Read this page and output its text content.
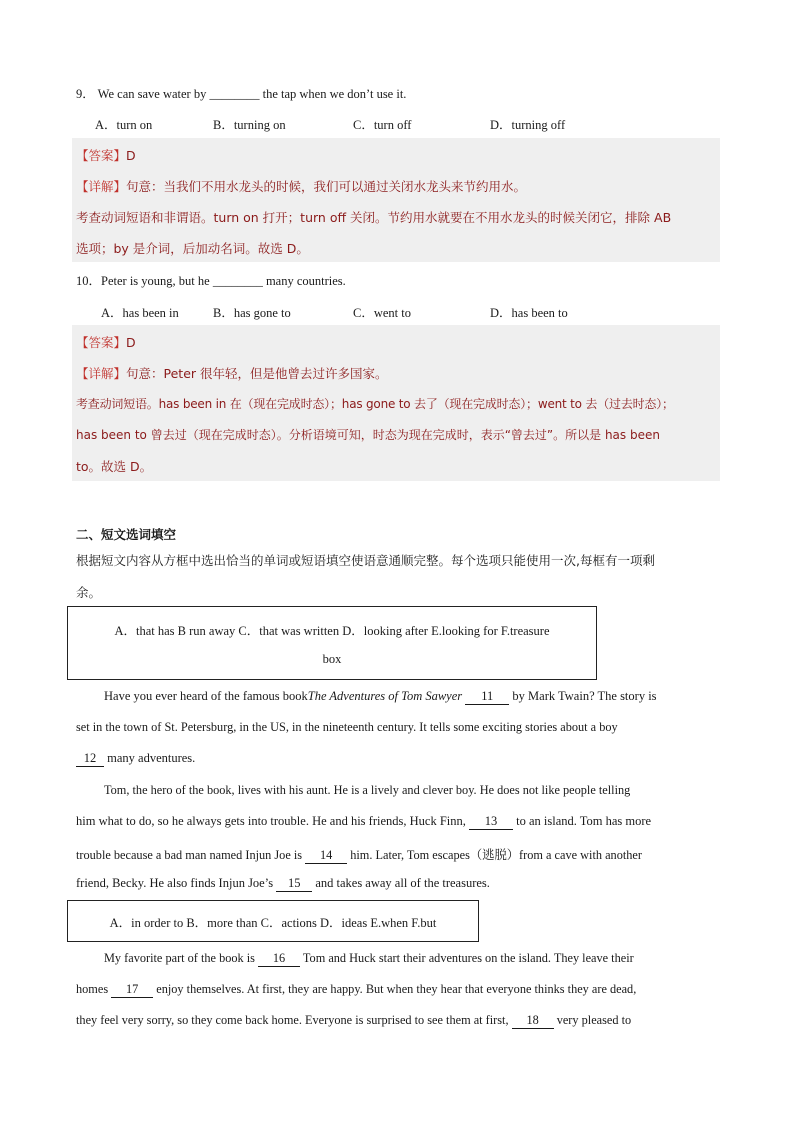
9． We can save water by ________ the tap when we don’t use it.
A．turn on	B．turning on	C．turn off	D．turning off
【答案】D
【详解】句意：当我们不用水龙头的时候，我们可以通过关闭水龙头来节约用水。
考查动词短语和非谓语。turn on 打开；turn off 关闭。节约用水就要在不用水龙头的时候关闭它，排除 AB
选项；by 是介词，后加动名词。故选 D。
10．Peter is young, but he ________ many countries.
A．has been in	B．has gone to	C．went to	D．has been to
【答案】D
【详解】句意：Peter 很年轻，但是他曾去过许多国家。
考查动词短语。has been in 在（现在完成时态）；has gone to 去了（现在完成时态）；went to 去（过去时态）；
has been to 曾去过（现在完成时态）。分析语境可知，时态为现在完成时，表示“曾去过”。所以是 has been
to。故选 D。
二、短文选词填空
根据短文内容从方框中选出恰当的单词或短语填空使语意通顺完整。每个选项只能使用一次,每框有一项剩
余。
A．that has B run away C．that was written D．looking after E.looking for F.treasure
box
Have you ever heard of the famous bookThe Adventures of Tom Sawyer 11 by Mark Twain? The story is
set in the town of St. Petersburg, in the US, in the nineteenth century. It tells some exciting stories about a boy
12 many adventures.
Tom, the hero of the book, lives with his aunt. He is a lively and clever boy. He does not like people telling
him what to do, so he always gets into trouble. He and his friends, Huck Finn, 13 to an island. Tom has more
trouble because a bad man named Injun Joe is 14 him. Later, Tom escapes（逃脱）from a cave with another
friend, Becky. He also finds Injun Joe’s 15 and takes away all of the treasures.
A．in order to B．more than C．actions D．ideas E.when F.but
My favorite part of the book is 16 Tom and Huck start their adventures on the island. They leave their
homes 17 enjoy themselves. At first, they are happy. But when they hear that everyone thinks they are dead,
they feel very sorry, so they come back home. Everyone is surprised to see them at first, 18 very pleased to
